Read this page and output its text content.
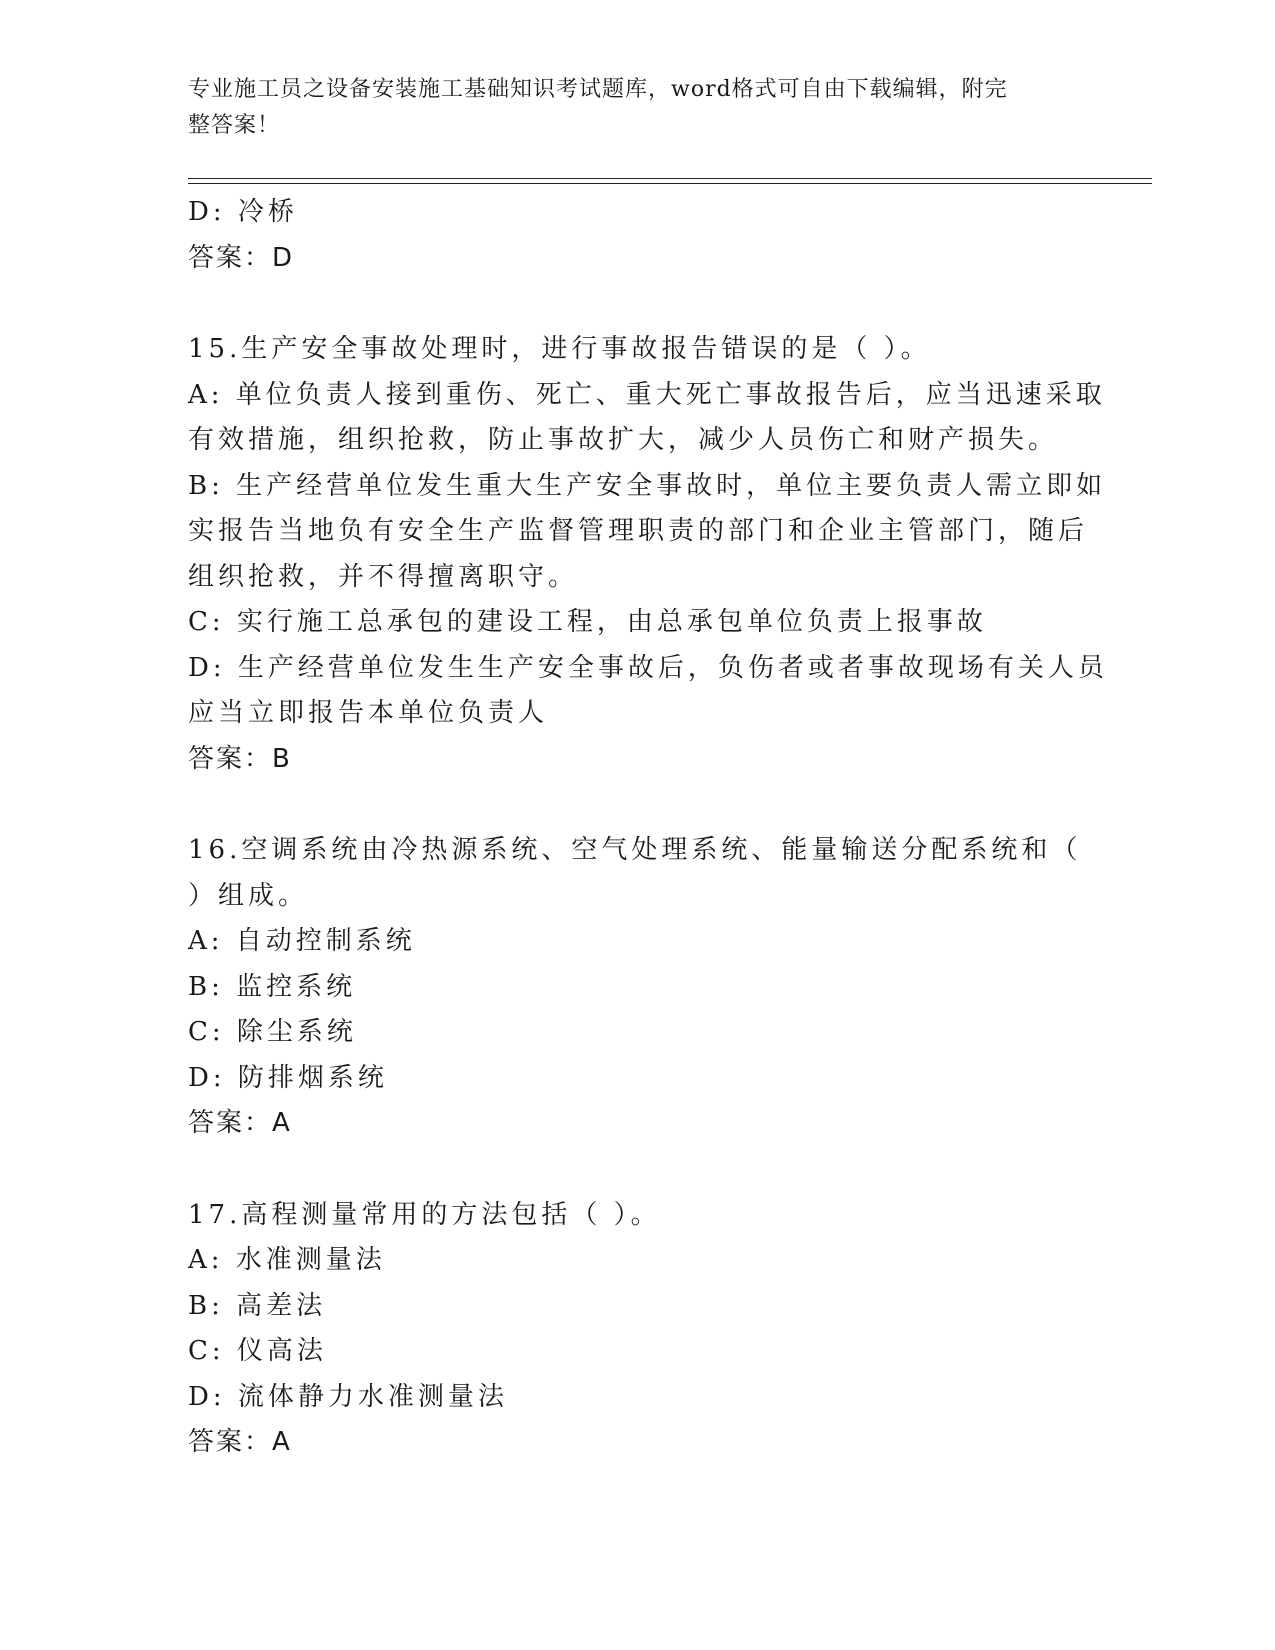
专业施工员之设备安装施工基础知识考试题库，word格式可自由下载编辑，附完
整答案！
D: 冷桥
答案：D
15.生产安全事故处理时，进行事故报告错误的是（ ）。
A: 单位负责人接到重伤、死亡、重大死亡事故报告后，应当迅速采取
有效措施，组织抢救，防止事故扩大，减少人员伤亡和财产损失。
B: 生产经营单位发生重大生产安全事故时，单位主要负责人需立即如
实报告当地负有安全生产监督管理职责的部门和企业主管部门，随后
组织抢救，并不得擅离职守。
C: 实行施工总承包的建设工程，由总承包单位负责上报事故
D: 生产经营单位发生生产安全事故后，负伤者或者事故现场有关人员
应当立即报告本单位负责人
答案：B
16.空调系统由冷热源系统、空气处理系统、能量输送分配系统和（
）组成。
A: 自动控制系统
B: 监控系统
C: 除尘系统
D: 防排烟系统
答案：A
17.高程测量常用的方法包括（ ）。
A: 水准测量法
B: 高差法
C: 仪高法
D: 流体静力水准测量法
答案：A
